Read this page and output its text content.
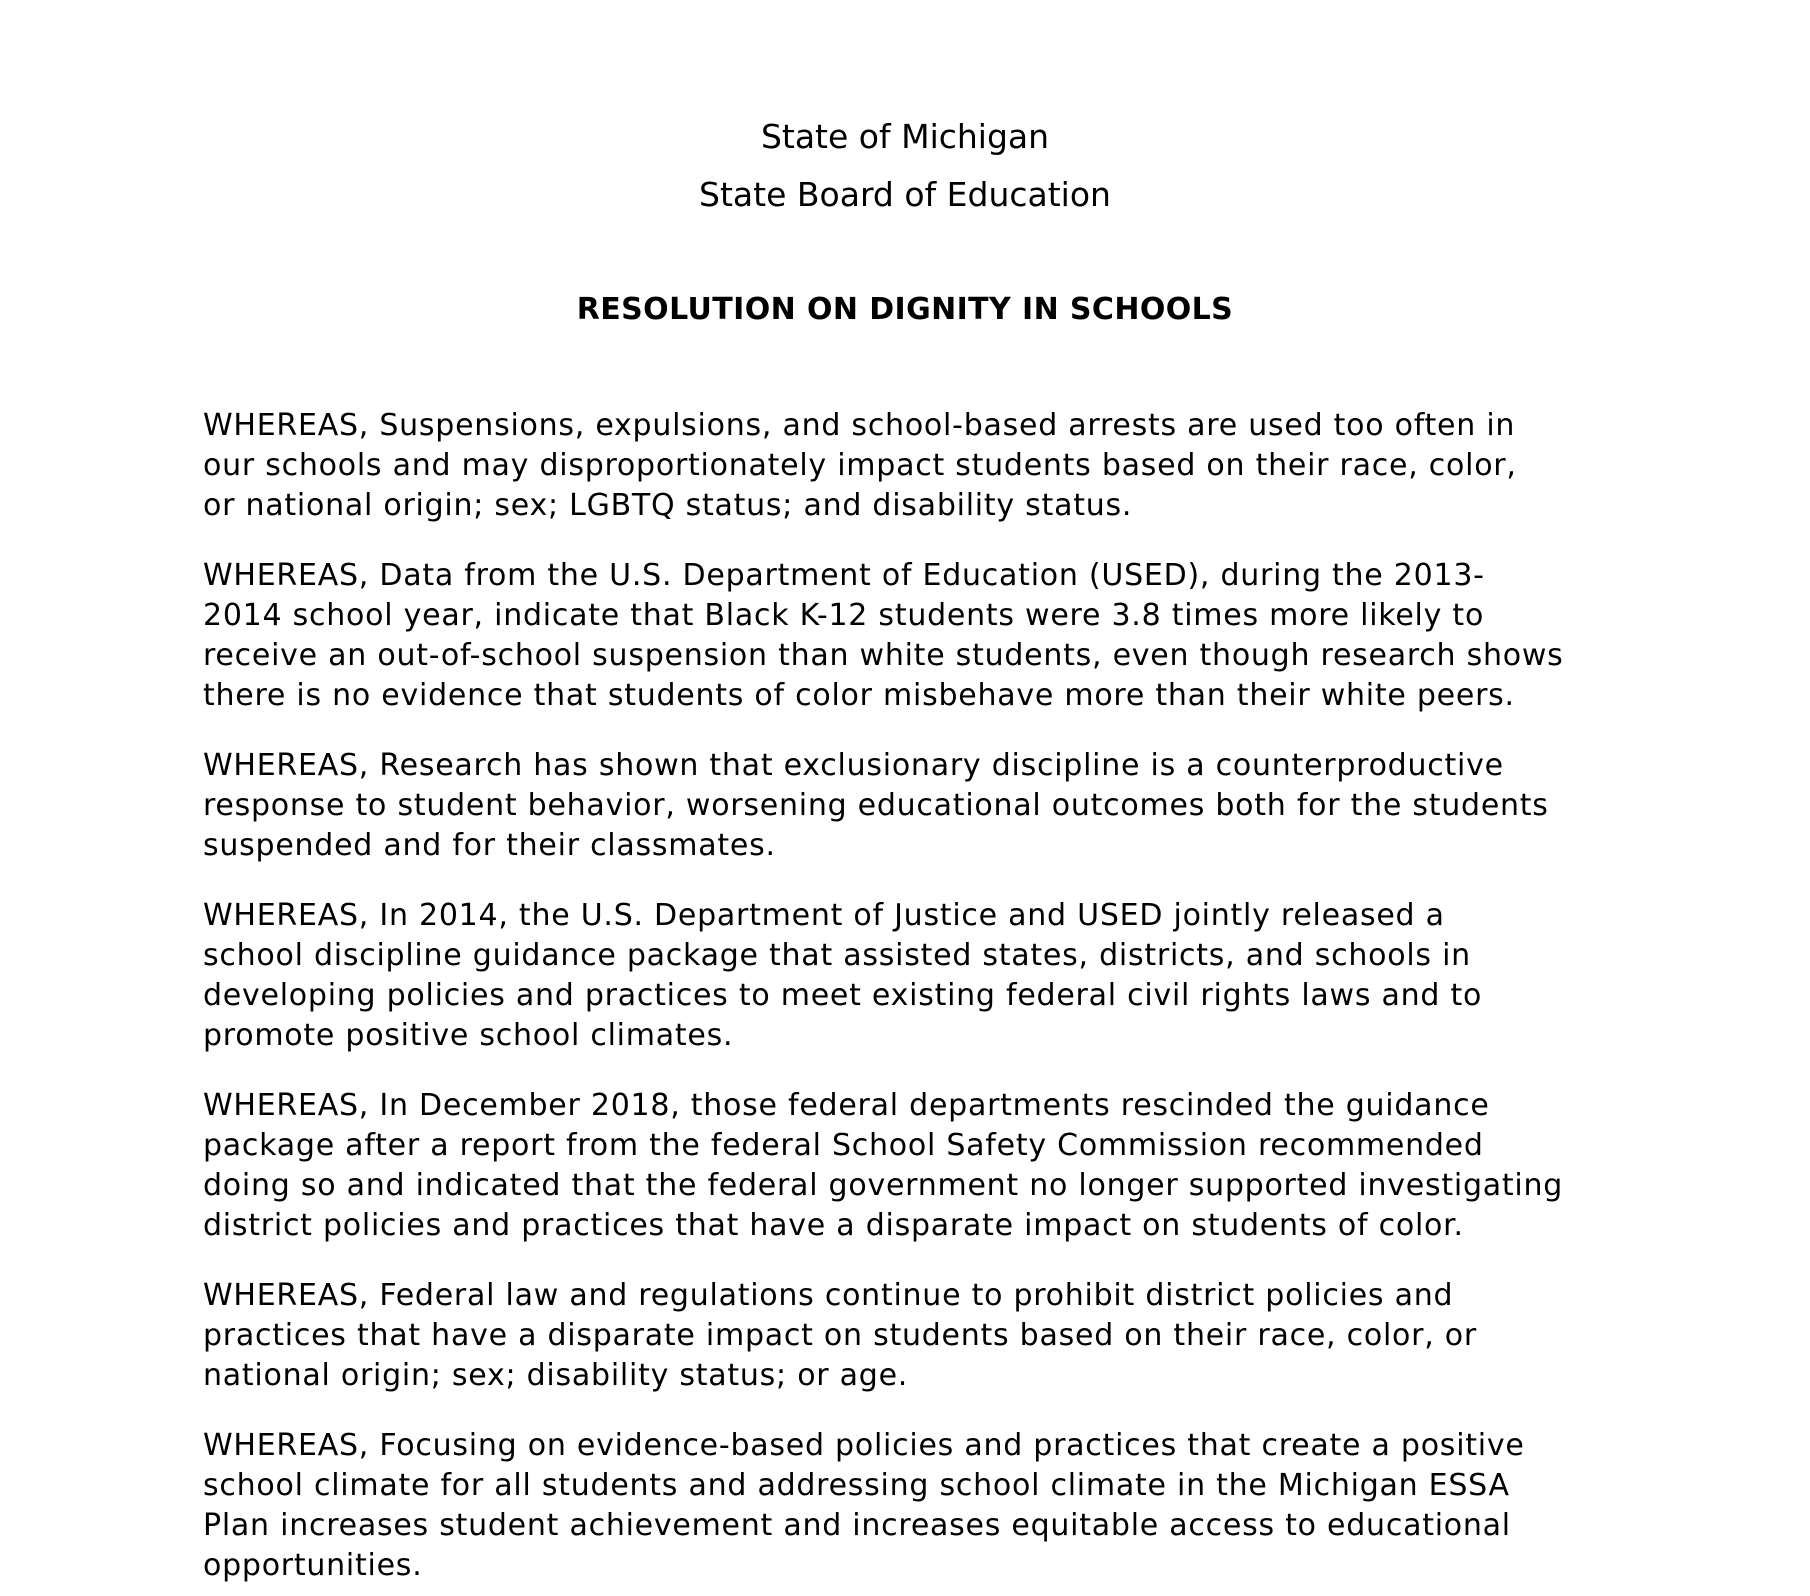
State of Michigan
State Board of Education
RESOLUTION ON DIGNITY IN SCHOOLS
WHEREAS, Suspensions, expulsions, and school-based arrests are used too often in
our schools and may disproportionately impact students based on their race, color,
or national origin; sex; LGBTQ status; and disability status.
WHEREAS, Data from the U.S. Department of Education (USED), during the 2013-
2014 school year, indicate that Black K-12 students were 3.8 times more likely to
receive an out-of-school suspension than white students, even though research shows
there is no evidence that students of color misbehave more than their white peers.
WHEREAS, Research has shown that exclusionary discipline is a counterproductive
response to student behavior, worsening educational outcomes both for the students
suspended and for their classmates.
WHEREAS, In 2014, the U.S. Department of Justice and USED jointly released a
school discipline guidance package that assisted states, districts, and schools in
developing policies and practices to meet existing federal civil rights laws and to
promote positive school climates.
WHEREAS, In December 2018, those federal departments rescinded the guidance
package after a report from the federal School Safety Commission recommended
doing so and indicated that the federal government no longer supported investigating
district policies and practices that have a disparate impact on students of color.
WHEREAS, Federal law and regulations continue to prohibit district policies and
practices that have a disparate impact on students based on their race, color, or
national origin; sex; disability status; or age.
WHEREAS, Focusing on evidence-based policies and practices that create a positive
school climate for all students and addressing school climate in the Michigan ESSA
Plan increases student achievement and increases equitable access to educational
opportunities.
